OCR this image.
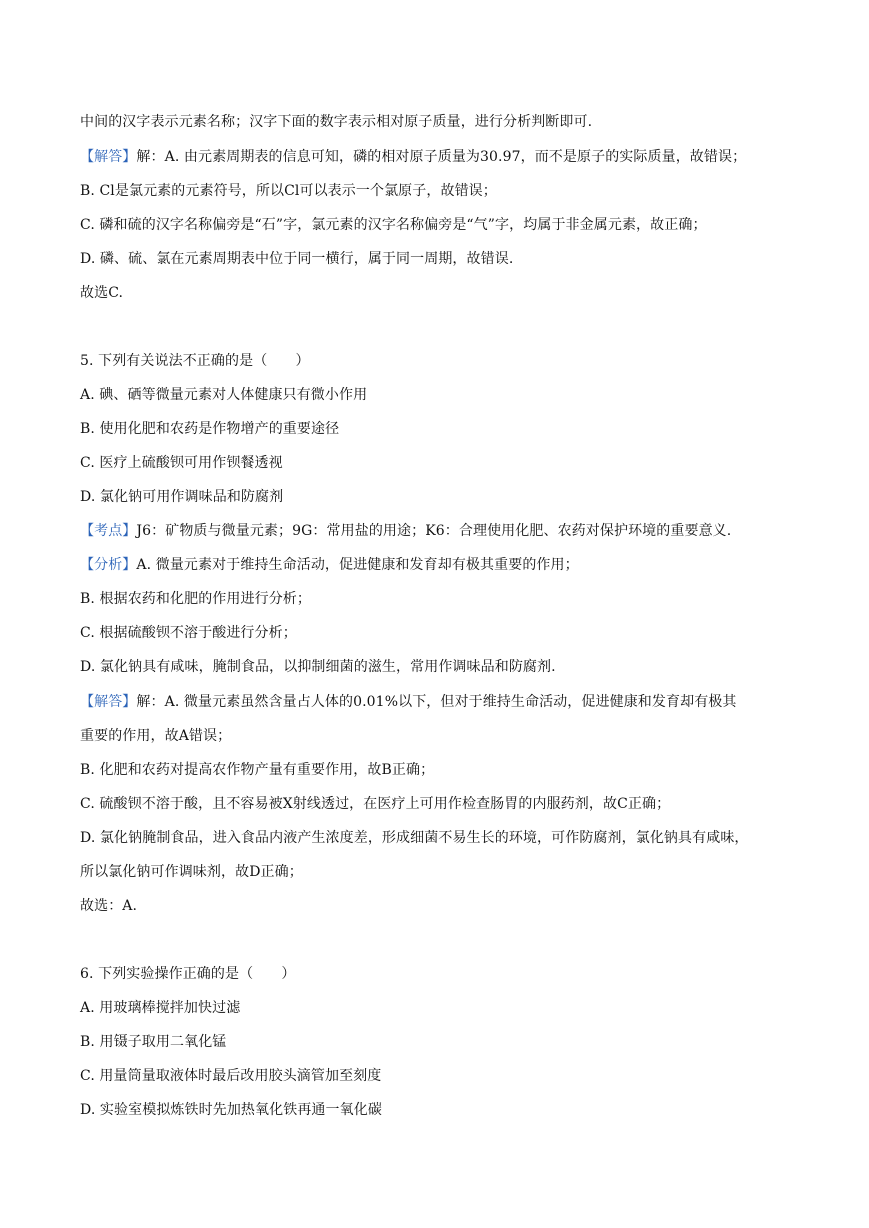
中间的汉字表示元素名称；汉字下面的数字表示相对原子质量，进行分析判断即可.
【解答】解：A. 由元素周期表的信息可知，磷的相对原子质量为30.97，而不是原子的实际质量，故错误；
B. Cl是氯元素的元素符号，所以Cl可以表示一个氯原子，故错误；
C. 磷和硫的汉字名称偏旁是“石”字，氯元素的汉字名称偏旁是“气”字，均属于非金属元素，故正确；
D. 磷、硫、氯在元素周期表中位于同一横行，属于同一周期，故错误.
故选C.
5. 下列有关说法不正确的是（　　）
A. 碘、硒等微量元素对人体健康只有微小作用
B. 使用化肥和农药是作物增产的重要途径
C. 医疗上硫酸钡可用作钡餐透视
D. 氯化钠可用作调味品和防腐剂
【考点】J6：矿物质与微量元素；9G：常用盐的用途；K6：合理使用化肥、农药对保护环境的重要意义.
【分析】A. 微量元素对于维持生命活动，促进健康和发育却有极其重要的作用；
B. 根据农药和化肥的作用进行分析；
C. 根据硫酸钡不溶于酸进行分析；
D. 氯化钠具有咸味，腌制食品，以抑制细菌的滋生，常用作调味品和防腐剂.
【解答】解：A. 微量元素虽然含量占人体的0.01%以下，但对于维持生命活动，促进健康和发育却有极其
重要的作用，故A错误；
B. 化肥和农药对提高农作物产量有重要作用，故B正确；
C. 硫酸钡不溶于酸，且不容易被X射线透过，在医疗上可用作检查肠胃的内服药剂，故C正确；
D. 氯化钠腌制食品，进入食品内液产生浓度差，形成细菌不易生长的环境，可作防腐剂，氯化钠具有咸味，
所以氯化钠可作调味剂，故D正确；
故选：A.
6. 下列实验操作正确的是（　　）
A. 用玻璃棒搅拌加快过滤
B. 用镊子取用二氧化锰
C. 用量筒量取液体时最后改用胶头滴管加至刻度
D. 实验室模拟炼铁时先加热氧化铁再通一氧化碳
